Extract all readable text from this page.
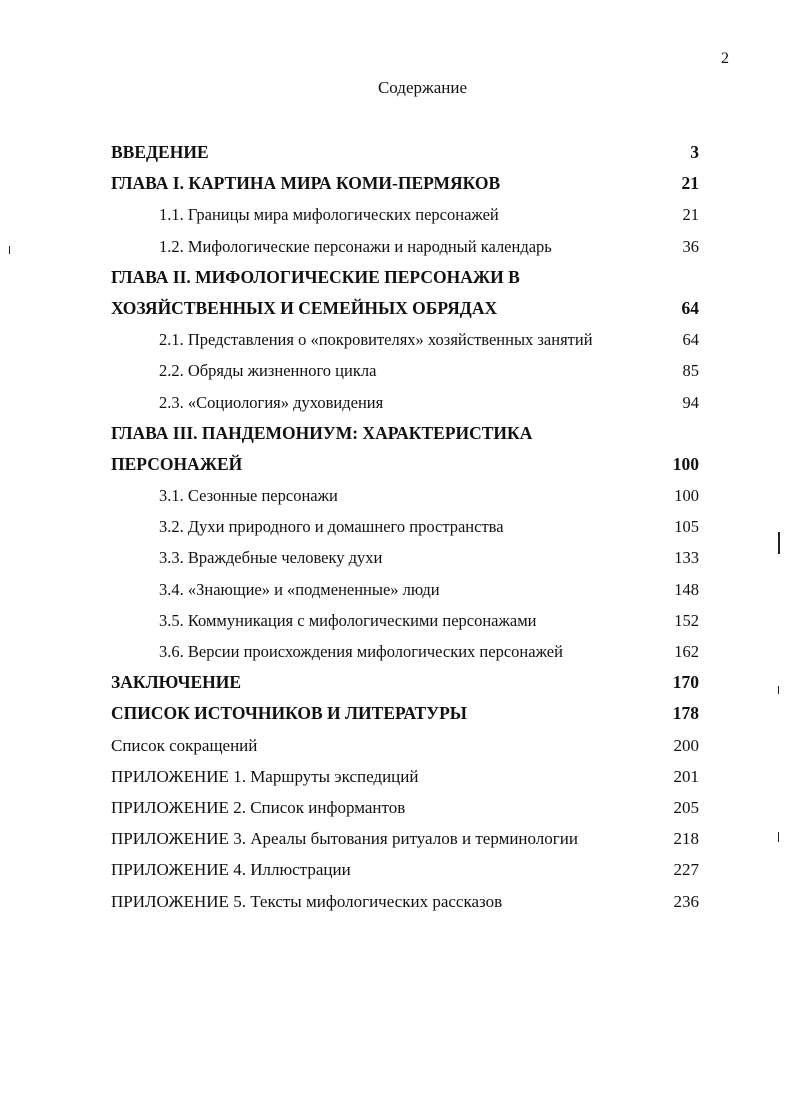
2
Содержание
ВВЕДЕНИЕ	3
ГЛАВА I. КАРТИНА МИРА КОМИ-ПЕРМЯКОВ	21
1.1. Границы мира мифологических персонажей	21
1.2. Мифологические персонажи и народный календарь	36
ГЛАВА II. МИФОЛОГИЧЕСКИЕ ПЕРСОНАЖИ В
ХОЗЯЙСТВЕННЫХ И СЕМЕЙНЫХ ОБРЯДАХ	64
2.1. Представления о «покровителях» хозяйственных занятий	64
2.2. Обряды жизненного цикла	85
2.3. «Социология» духовидения	94
ГЛАВА III. ПАНДЕМОНИУМ: ХАРАКТЕРИСТИКА
ПЕРСОНАЖЕЙ	100
3.1. Сезонные персонажи	100
3.2. Духи природного и домашнего пространства	105
3.3. Враждебные человеку духи	133
3.4. «Знающие» и «подмененные» люди	148
3.5. Коммуникация с мифологическими персонажами	152
3.6. Версии происхождения мифологических персонажей	162
ЗАКЛЮЧЕНИЕ	170
СПИСОК ИСТОЧНИКОВ И ЛИТЕРАТУРЫ	178
Список сокращений	200
ПРИЛОЖЕНИЕ 1. Маршруты экспедиций	201
ПРИЛОЖЕНИЕ 2. Список информантов	205
ПРИЛОЖЕНИЕ 3. Ареалы бытования ритуалов и терминологии	218
ПРИЛОЖЕНИЕ 4. Иллюстрации	227
ПРИЛОЖЕНИЕ 5. Тексты мифологических рассказов	236
